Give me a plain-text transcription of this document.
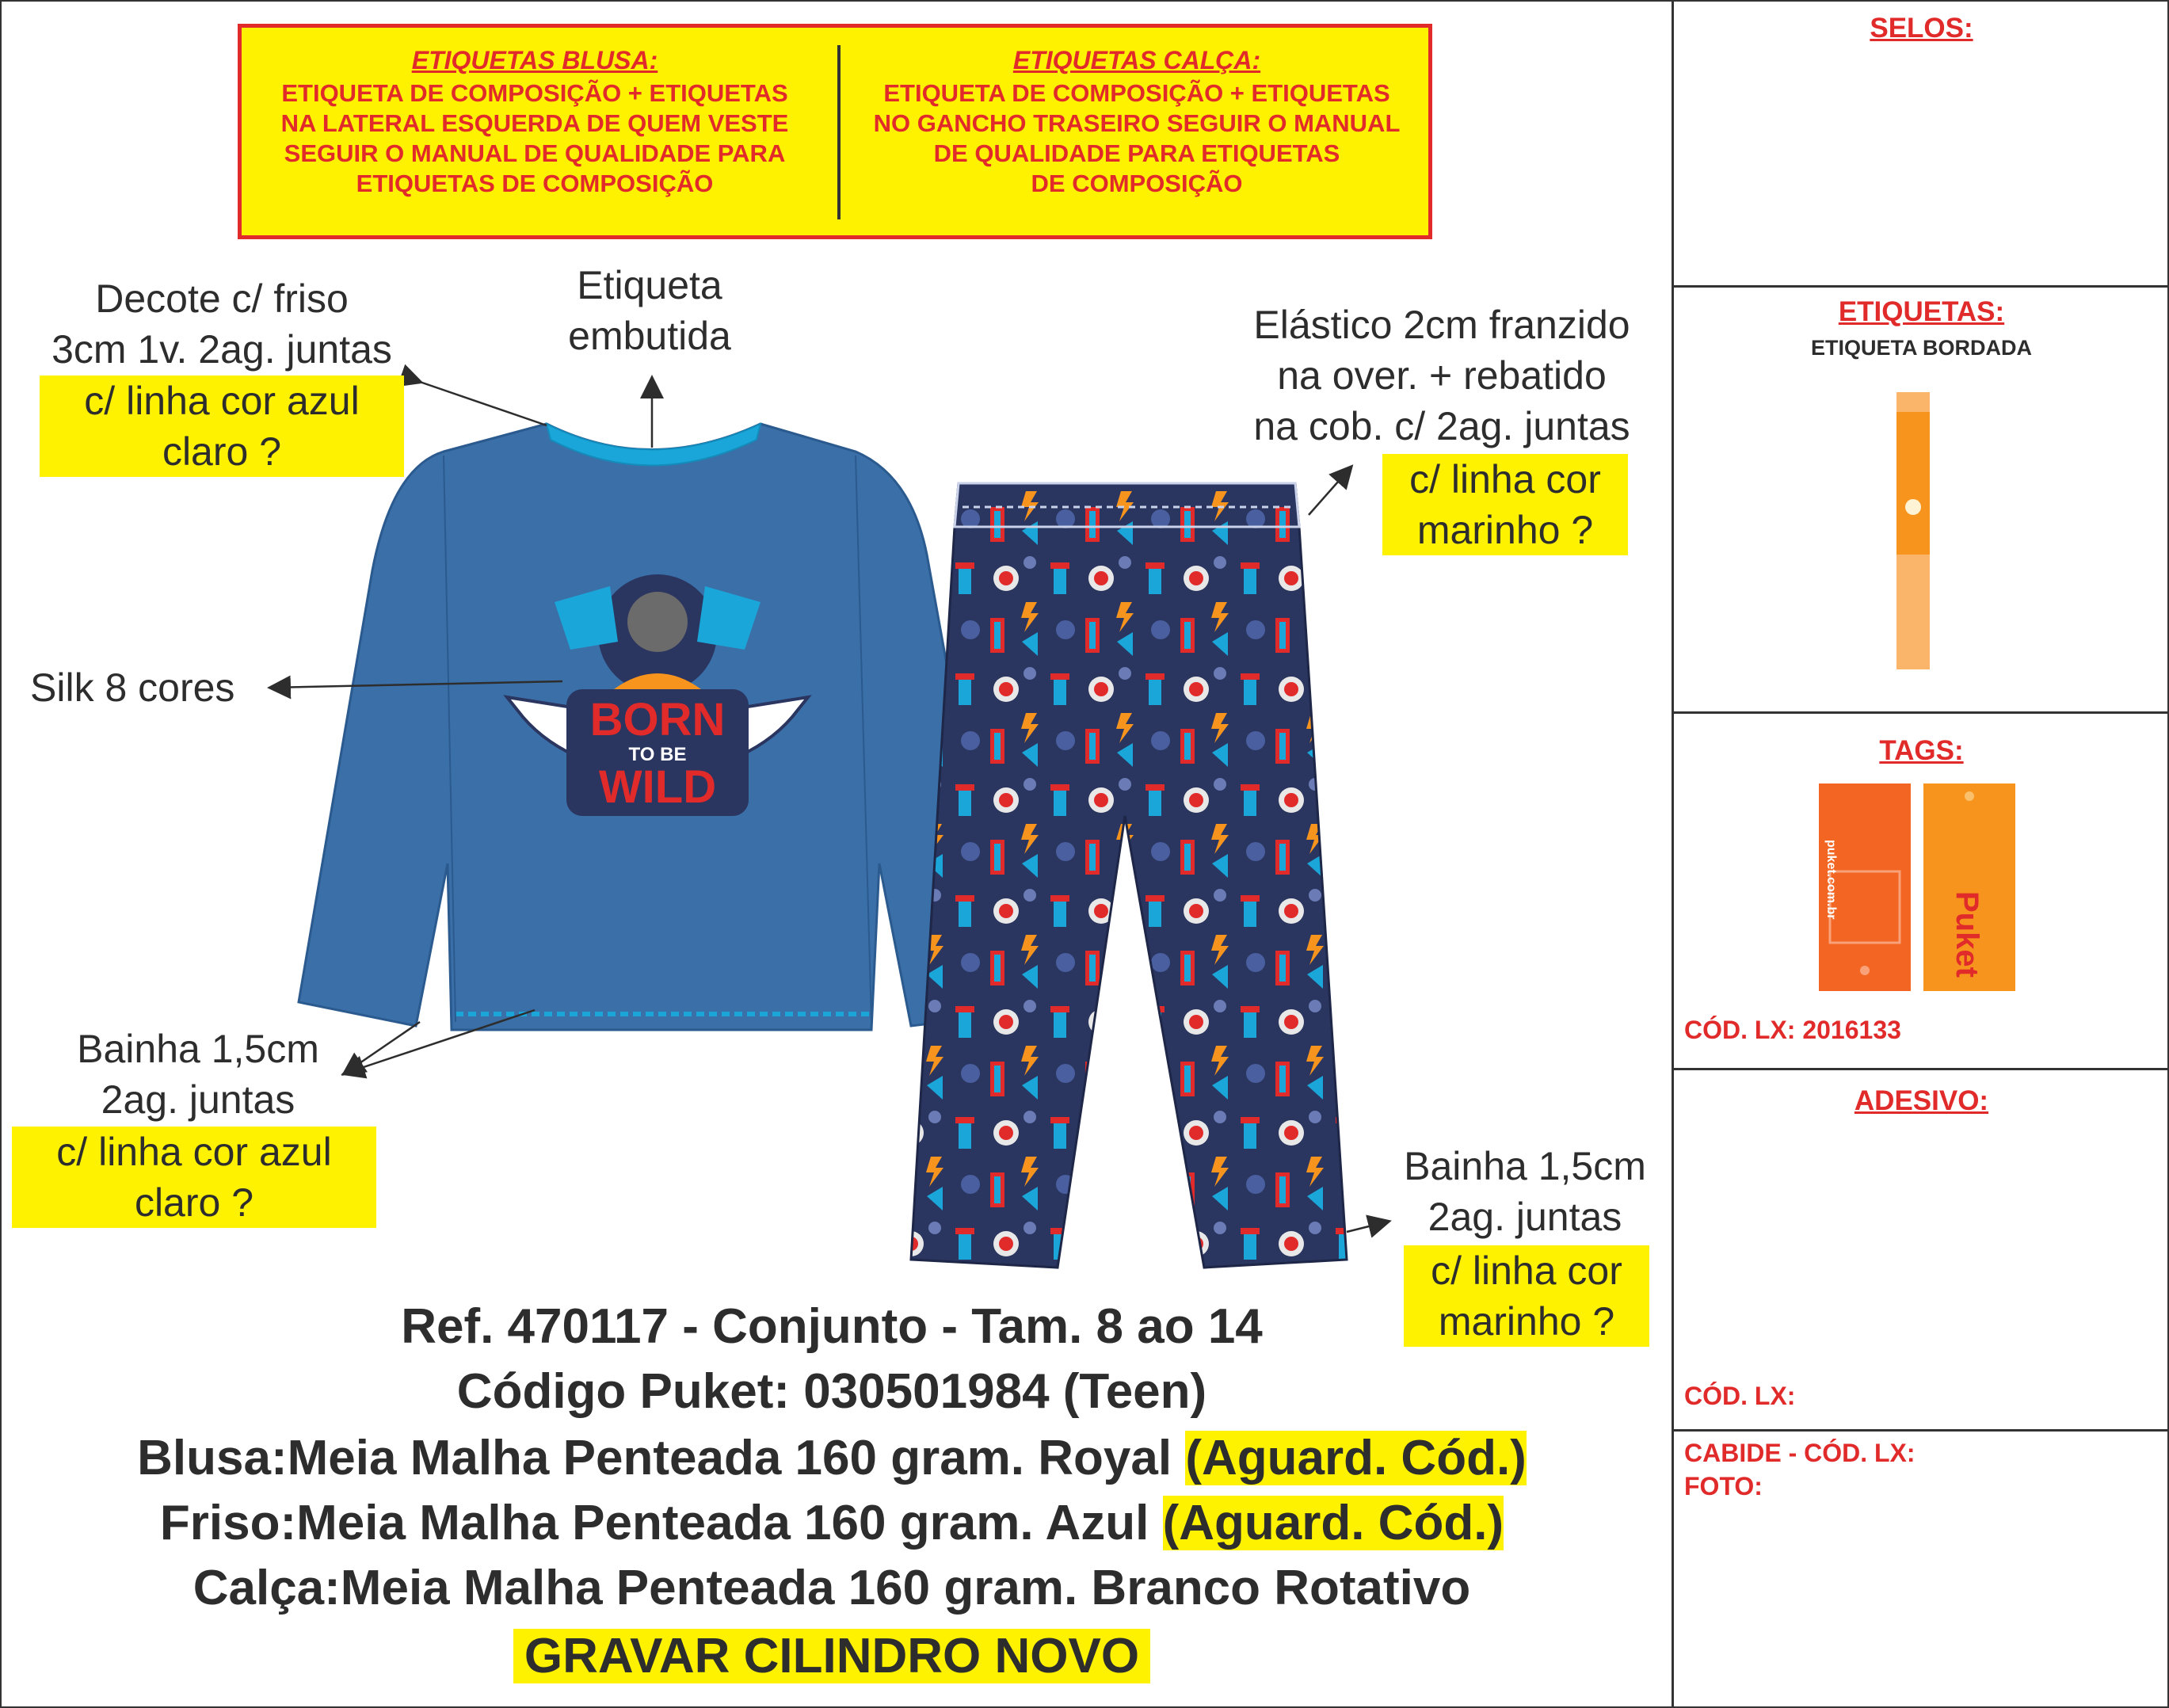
ETIQUETAS BLUSA:
ETIQUETA DE COMPOSIÇÃO + ETIQUETAS
NA LATERAL ESQUERDA DE QUEM VESTE
SEGUIR O MANUAL DE QUALIDADE PARA
ETIQUETAS DE COMPOSIÇÃO
ETIQUETAS CALÇA:
ETIQUETA DE COMPOSIÇÃO + ETIQUETAS
NO GANCHO TRASEIRO SEGUIR O MANUAL
DE QUALIDADE PARA ETIQUETAS
DE COMPOSIÇÃO
BORN
TO BE
WILD
Decote c/ friso
3cm 1v. 2ag. juntas
c/ linha cor azul
claro ?
Etiqueta
embutida	Elástico 2cm franzido
na over. + rebatido
na cob. c/ 2ag. juntas
c/ linha cor
marinho ?
Silk 8 cores
Bainha 1,5cm
2ag. juntas
c/ linha cor azul
claro ?
Bainha 1,5cm
2ag. juntas
c/ linha cor
marinho ?
Ref. 470117 - Conjunto - Tam. 8 ao 14
Código Puket: 030501984 (Teen)
Blusa:Meia Malha Penteada 160 gram. Royal (Aguard. Cód.)
Friso:Meia Malha Penteada 160 gram. Azul (Aguard. Cód.)
Calça:Meia Malha Penteada 160 gram. Branco Rotativo
GRAVAR CILINDRO NOVO
SELOS:
ETIQUETAS:
ETIQUETA BORDADA
TAGS:
puket.com.br
Puket
CÓD. LX: 2016133
ADESIVO:
CÓD. LX:
CABIDE - CÓD. LX:
FOTO:
